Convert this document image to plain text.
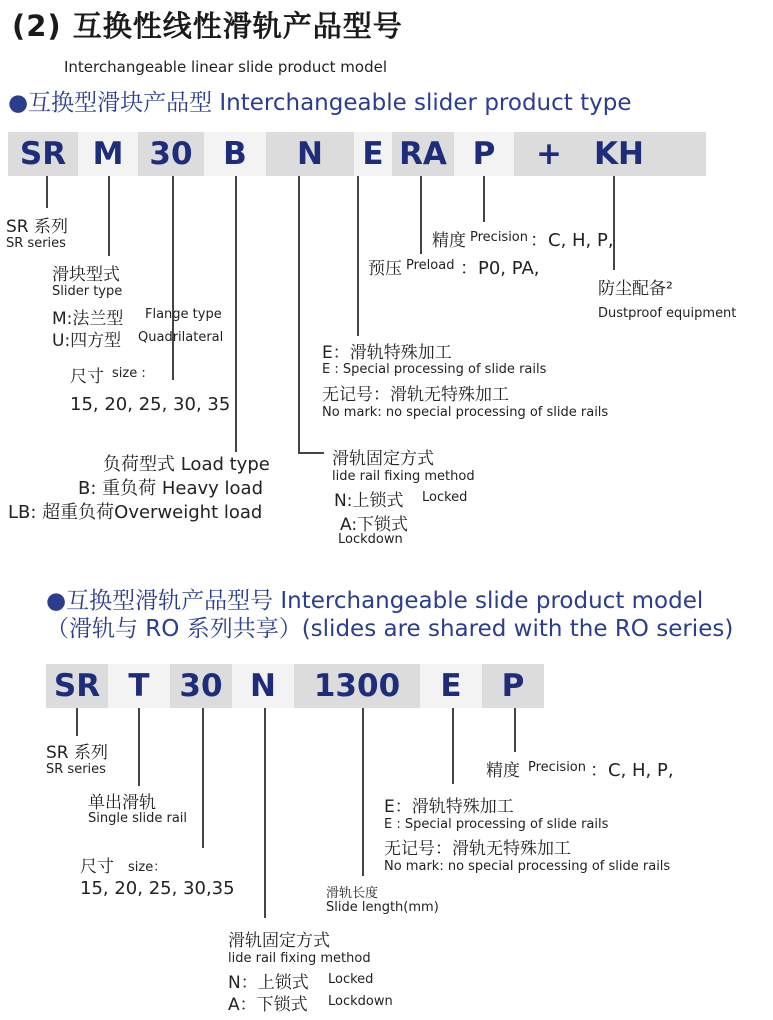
(2) 互换性线性滑轨产品型号
Interchangeable linear slide product model
●互换型滑块产品型 Interchangeable slider product type
SR M 30 B	N	E RA P	+	KH
SR 系列
SR series
滑块型式
Slider type
M:法兰型 Flange type
U:四方型 Quadrilateral
尺寸 size :
15, 20, 25, 30, 35
负荷型式 Load type
B: 重负荷 Heavy load
LB: 超重负荷Overweight load
滑轨固定方式
lide rail fixing method
N:上锁式 Locked
A:下锁式
Lockdown
E：滑轨特殊加工
E : Special processing of slide rails
无记号：滑轨无特殊加工
No mark: no special processing of slide rails
预压 Preload ：P0, PA,
精度 Precision ：C, H, P,
防尘配备²
Dustproof equipment
●互换型滑轨产品型号 Interchangeable slide product model
（滑轨与 RO 系列共享）(slides are shared with the RO series)
SR T 30 N	1300	E	P
SR 系列
SR series
单出滑轨
Single slide rail
尺寸 size：
15, 20, 25, 30,35	滑轨长度
Slide length(mm)
滑轨固定方式
lide rail fixing method
N：上锁式 Locked
A：下锁式 Lockdown
E：滑轨特殊加工
E : Special processing of slide rails
无记号：滑轨无特殊加工
No mark: no special processing of slide rails
精度 Precision ：C, H, P,
